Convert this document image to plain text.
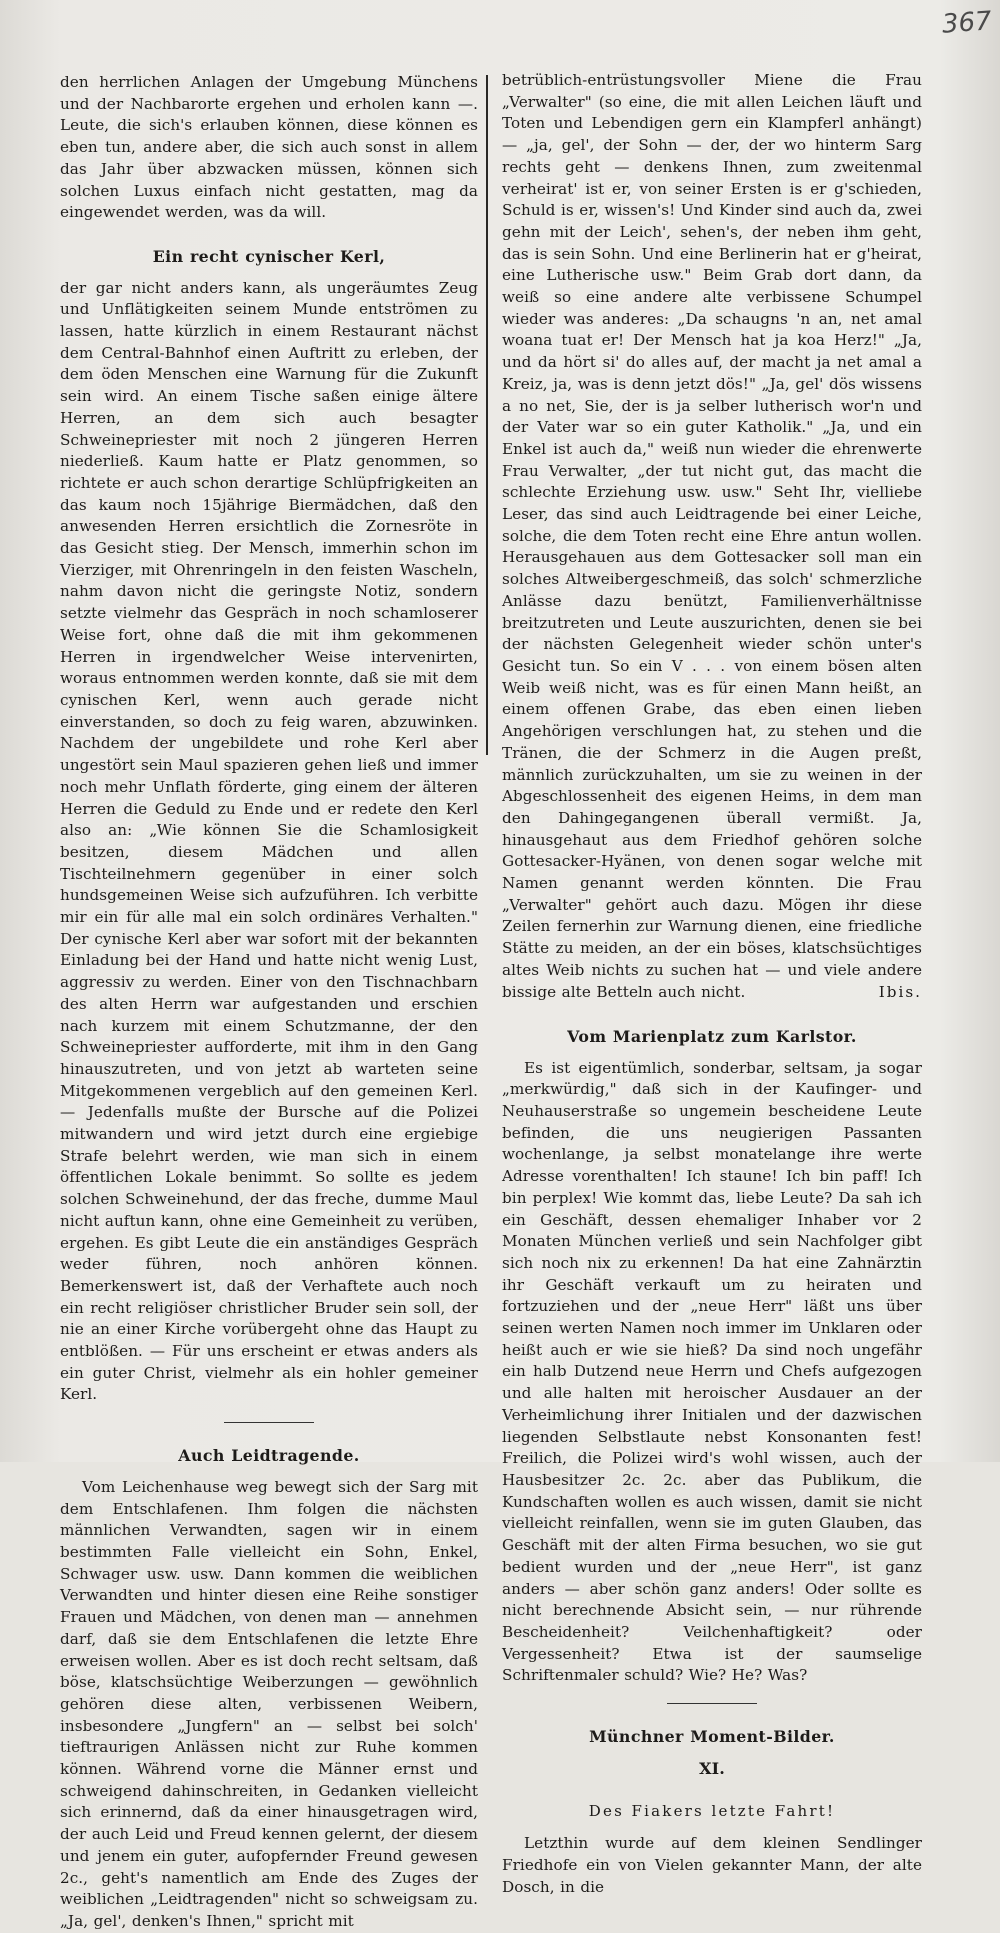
367

den herrlichen Anlagen der Umgebung Münchens und der Nachbarorte ergehen und erholen kann —. Leute, die sich's erlauben können, diese können es eben tun, andere aber, die sich auch sonst in allem das Jahr über abzwacken müssen, können sich solchen Luxus einfach nicht gestatten, mag da eingewendet werden, was da will.

Ein recht cynischer Kerl,

der gar nicht anders kann, als ungeräumtes Zeug und Unflätigkeiten seinem Munde entströmen zu lassen, hatte kürzlich in einem Restaurant nächst dem Central-Bahnhof einen Auftritt zu erleben, der dem öden Menschen eine Warnung für die Zukunft sein wird. An einem Tische saßen einige ältere Herren, an dem sich auch besagter Schweinepriester mit noch 2 jüngeren Herren niederließ. Kaum hatte er Platz genommen, so richtete er auch schon derartige Schlüpfrigkeiten an das kaum noch 15jährige Biermädchen, daß den anwesenden Herren ersichtlich die Zornesröte in das Gesicht stieg. Der Mensch, immerhin schon im Vierziger, mit Ohrenringeln in den feisten Wascheln, nahm davon nicht die geringste Notiz, sondern setzte vielmehr das Gespräch in noch schamloserer Weise fort, ohne daß die mit ihm gekommenen Herren in irgendwelcher Weise intervenirten, woraus entnommen werden konnte, daß sie mit dem cynischen Kerl, wenn auch gerade nicht einverstanden, so doch zu feig waren, abzuwinken. Nachdem der ungebildete und rohe Kerl aber ungestört sein Maul spazieren gehen ließ und immer noch mehr Unflath förderte, ging einem der älteren Herren die Geduld zu Ende und er redete den Kerl also an: „Wie können Sie die Schamlosigkeit besitzen, diesem Mädchen und allen Tischteilnehmern gegenüber in einer solch hundsgemeinen Weise sich aufzuführen. Ich verbitte mir ein für alle mal ein solch ordinäres Verhalten." Der cynische Kerl aber war sofort mit der bekannten Einladung bei der Hand und hatte nicht wenig Lust, aggressiv zu werden. Einer von den Tischnachbarn des alten Herrn war aufgestanden und erschien nach kurzem mit einem Schutzmanne, der den Schweinepriester aufforderte, mit ihm in den Gang hinauszutreten, und von jetzt ab warteten seine Mitgekommenen vergeblich auf den gemeinen Kerl. — Jedenfalls mußte der Bursche auf die Polizei mitwandern und wird jetzt durch eine ergiebige Strafe belehrt werden, wie man sich in einem öffentlichen Lokale benimmt. So sollte es jedem solchen Schweinehund, der das freche, dumme Maul nicht auftun kann, ohne eine Gemeinheit zu verüben, ergehen. Es gibt Leute die ein anständiges Gespräch weder führen, noch anhören können. Bemerkenswert ist, daß der Verhaftete auch noch ein recht religiöser christlicher Bruder sein soll, der nie an einer Kirche vorübergeht ohne das Haupt zu entblößen. — Für uns erscheint er etwas anders als ein guter Christ, vielmehr als ein hohler gemeiner Kerl.

Auch Leidtragende.

Vom Leichenhause weg bewegt sich der Sarg mit dem Entschlafenen. Ihm folgen die nächsten männlichen Verwandten, sagen wir in einem bestimmten Falle vielleicht ein Sohn, Enkel, Schwager usw. usw. Dann kommen die weiblichen Verwandten und hinter diesen eine Reihe sonstiger Frauen und Mädchen, von denen man — annehmen darf, daß sie dem Entschlafenen die letzte Ehre erweisen wollen. Aber es ist doch recht seltsam, daß böse, klatschsüchtige Weiberzungen — gewöhnlich gehören diese alten, verbissenen Weibern, insbesondere „Jungfern" an — selbst bei solch' tieftraurigen Anlässen nicht zur Ruhe kommen können. Während vorne die Männer ernst und schweigend dahinschreiten, in Gedanken vielleicht sich erinnernd, daß da einer hinausgetragen wird, der auch Leid und Freud kennen gelernt, der diesem und jenem ein guter, aufopfernder Freund gewesen 2c., geht's namentlich am Ende des Zuges der weiblichen „Leidtragenden" nicht so schweigsam zu. „Ja, gel', denken's Ihnen," spricht mit

betrüblich-entrüstungsvoller Miene die Frau „Verwalter" (so eine, die mit allen Leichen läuft und Toten und Lebendigen gern ein Klampferl anhängt) — „ja, gel', der Sohn — der, der wo hinterm Sarg rechts geht — denkens Ihnen, zum zweitenmal verheirat' ist er, von seiner Ersten is er g'schieden, Schuld is er, wissen's! Und Kinder sind auch da, zwei gehn mit der Leich', sehen's, der neben ihm geht, das is sein Sohn. Und eine Berlinerin hat er g'heirat, eine Lutherische usw." Beim Grab dort dann, da weiß so eine andere alte verbissene Schumpel wieder was anderes: „Da schaugns 'n an, net amal woana tuat er! Der Mensch hat ja koa Herz!" „Ja, und da hört si' do alles auf, der macht ja net amal a Kreiz, ja, was is denn jetzt dös!" „Ja, gel' dös wissens a no net, Sie, der is ja selber lutherisch wor'n und der Vater war so ein guter Katholik." „Ja, und ein Enkel ist auch da," weiß nun wieder die ehrenwerte Frau Verwalter, „der tut nicht gut, das macht die schlechte Erziehung usw. usw." Seht Ihr, vielliebe Leser, das sind auch Leidtragende bei einer Leiche, solche, die dem Toten recht eine Ehre antun wollen. Herausgehauen aus dem Gottesacker soll man ein solches Altweibergeschmeiß, das solch' schmerzliche Anlässe dazu benützt, Familienverhältnisse breitzutreten und Leute auszurichten, denen sie bei der nächsten Gelegenheit wieder schön unter's Gesicht tun. So ein V . . . von einem bösen alten Weib weiß nicht, was es für einen Mann heißt, an einem offenen Grabe, das eben einen lieben Angehörigen verschlungen hat, zu stehen und die Tränen, die der Schmerz in die Augen preßt, männlich zurückzuhalten, um sie zu weinen in der Abgeschlossenheit des eigenen Heims, in dem man den Dahingegangenen überall vermißt. Ja, hinausgehaut aus dem Friedhof gehören solche Gottesacker-Hyänen, von denen sogar welche mit Namen genannt werden könnten. Die Frau „Verwalter" gehört auch dazu. Mögen ihr diese Zeilen fernerhin zur Warnung dienen, eine friedliche Stätte zu meiden, an der ein böses, klatschsüchtiges altes Weib nichts zu suchen hat — und viele andere bissige alte Betteln auch nicht.	Ibis.
Vom Marienplatz zum Karlstor.

Es ist eigentümlich, sonderbar, seltsam, ja sogar „merkwürdig," daß sich in der Kaufinger- und Neuhauserstraße so ungemein bescheidene Leute befinden, die uns neugierigen Passanten wochenlange, ja selbst monatelange ihre werte Adresse vorenthalten! Ich staune! Ich bin paff! Ich bin perplex! Wie kommt das, liebe Leute? Da sah ich ein Geschäft, dessen ehemaliger Inhaber vor 2 Monaten München verließ und sein Nachfolger gibt sich noch nix zu erkennen! Da hat eine Zahnärztin ihr Geschäft verkauft um zu heiraten und fortzuziehen und der „neue Herr" läßt uns über seinen werten Namen noch immer im Unklaren oder heißt auch er wie sie hieß? Da sind noch ungefähr ein halb Dutzend neue Herrn und Chefs aufgezogen und alle halten mit heroischer Ausdauer an der Verheimlichung ihrer Initialen und der dazwischen liegenden Selbstlaute nebst Konsonanten fest! Freilich, die Polizei wird's wohl wissen, auch der Hausbesitzer 2c. 2c. aber das Publikum, die Kundschaften wollen es auch wissen, damit sie nicht vielleicht reinfallen, wenn sie im guten Glauben, das Geschäft mit der alten Firma besuchen, wo sie gut bedient wurden und der „neue Herr", ist ganz anders — aber schön ganz anders! Oder sollte es nicht berechnende Absicht sein, — nur rührende Bescheidenheit? Veilchenhaftigkeit? oder Vergessenheit? Etwa ist der saumselige Schriftenmaler schuld? Wie? He? Was?

Münchner Moment-Bilder.
XI.
Des Fiakers letzte Fahrt!

Letzthin wurde auf dem kleinen Sendlinger Friedhofe ein von Vielen gekannter Mann, der alte Dosch, in die
